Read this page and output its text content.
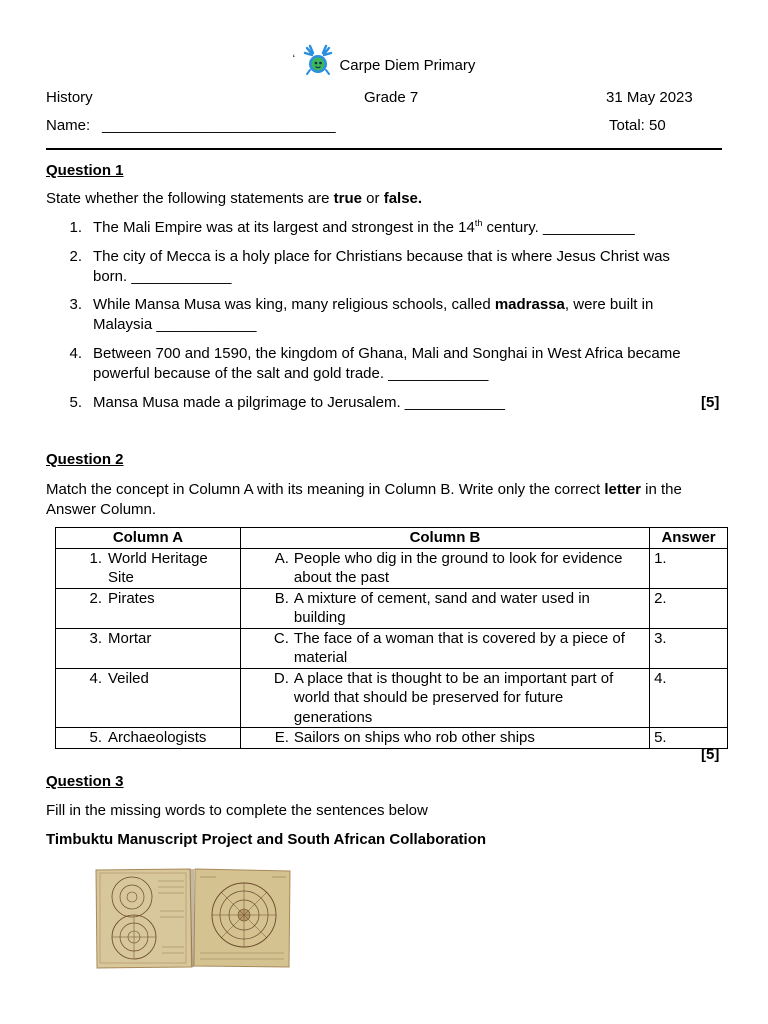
‘	Carpe Diem Primary
History	Grade 7	31 May 2023
Name: ____________________________	Total: 50
Question 1
State whether the following statements are true or false.
1. The Mali Empire was at its largest and strongest in the 14th century. ___________
2. The city of Mecca is a holy place for Christians because that is where Jesus Christ was
born. ____________
3. While Mansa Musa was king, many religious schools, called madrassa, were built in
Malaysia ____________
4. Between 700 and 1590, the kingdom of Ghana, Mali and Songhai in West Africa became
powerful because of the salt and gold trade. ____________
5. Mansa Musa made a pilgrimage to Jerusalem. ____________	[5]
Question 2
Match the concept in Column A with its meaning in Column B. Write only the correct letter in the
Answer Column.
Column A	Column B	Answer

1. World Heritage Site	A. People who dig in the ground to look for evidence about the past	1.

2. Pirates	B. A mixture of cement, sand and water used in building	2.

3. Mortar	C. The face of a woman that is covered by a piece of material	3.

4. Veiled	D. A place that is thought to be an important part of world that should be preserved for future generations	4.

5. Archaeologists	E. Sailors on ships who rob other ships	5.
[5]
Question 3
Fill in the missing words to complete the sentences below
Timbuktu Manuscript Project and South African Collaboration
